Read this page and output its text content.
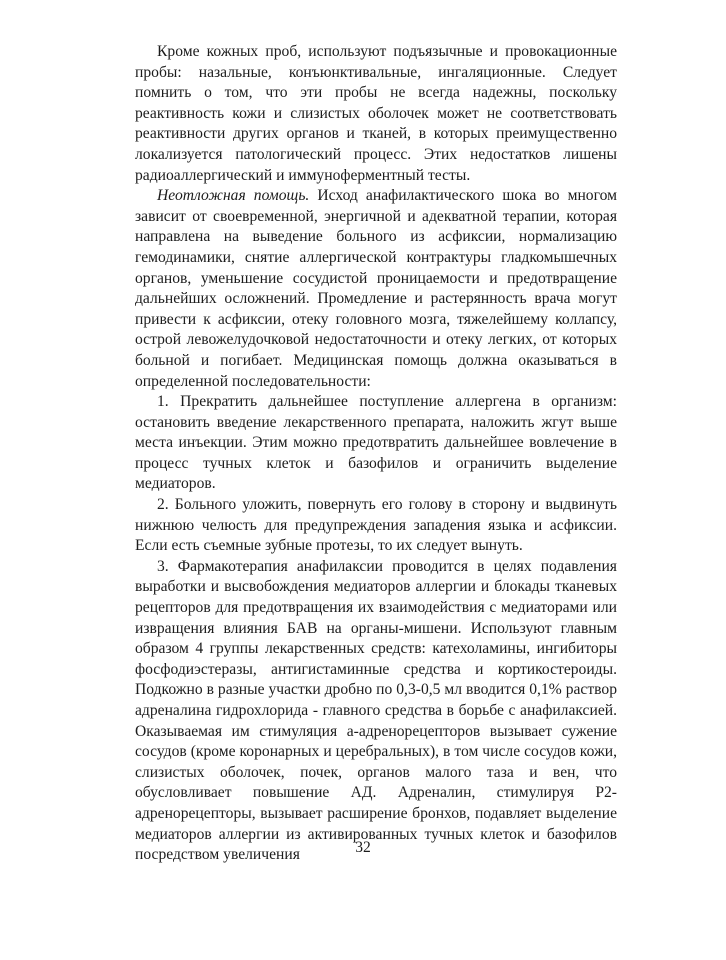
Кроме кожных проб, используют подъязычные и провокационные пробы: назальные, конъюнктивальные, ингаляционные. Следует помнить о том, что эти пробы не всегда надежны, поскольку реактивность кожи и слизистых оболочек может не соответствовать реактивности других органов и тканей, в которых преимущественно локализуется патологический процесс. Этих недостатков лишены радиоаллергический и иммуноферментный тесты.

Неотложная помощь. Исход анафилактического шока во многом зависит от своевременной, энергичной и адекватной терапии, которая направлена на выведение больного из асфиксии, нормализацию гемодинамики, снятие аллергической контрактуры гладкомышечных органов, уменьшение сосудистой проницаемости и предотвращение дальнейших осложнений. Промедление и растерянность врача могут привести к асфиксии, отеку головного мозга, тяжелейшему коллапсу, острой левожелудочковой недостаточности и отеку легких, от которых больной и погибает. Медицинская помощь должна оказываться в определенной последовательности:

1. Прекратить дальнейшее поступление аллергена в организм: остановить введение лекарственного препарата, наложить жгут выше места инъекции. Этим можно предотвратить дальнейшее вовлечение в процесс тучных клеток и базофилов и ограничить выделение медиаторов.

2. Больного уложить, повернуть его голову в сторону и выдвинуть нижнюю челюсть для предупреждения западения языка и асфиксии. Если есть съемные зубные протезы, то их следует вынуть.

3. Фармакотерапия анафилаксии проводится в целях подавления выработки и высвобождения медиаторов аллергии и блокады тканевых рецепторов для предотвращения их взаимодействия с медиаторами или извращения влияния БАВ на органы-мишени. Используют главным образом 4 группы лекарственных средств: катехоламины, ингибиторы фосфодиэстеразы, антигистаминные средства и кортикостероиды. Подкожно в разные участки дробно по 0,3-0,5 мл вводится 0,1% раствор адреналина гидрохлорида - главного средства в борьбе с анафилаксией. Оказываемая им стимуляция а-адренорецепторов вызывает сужение сосудов (кроме коронарных и церебральных), в том числе сосудов кожи, слизистых оболочек, почек, органов малого таза и вен, что обусловливает повышение АД. Адреналин, стимулируя Р2-адренорецепторы, вызывает расширение бронхов, подавляет выделение медиаторов аллергии из активированных тучных клеток и базофилов посредством увеличения	32
